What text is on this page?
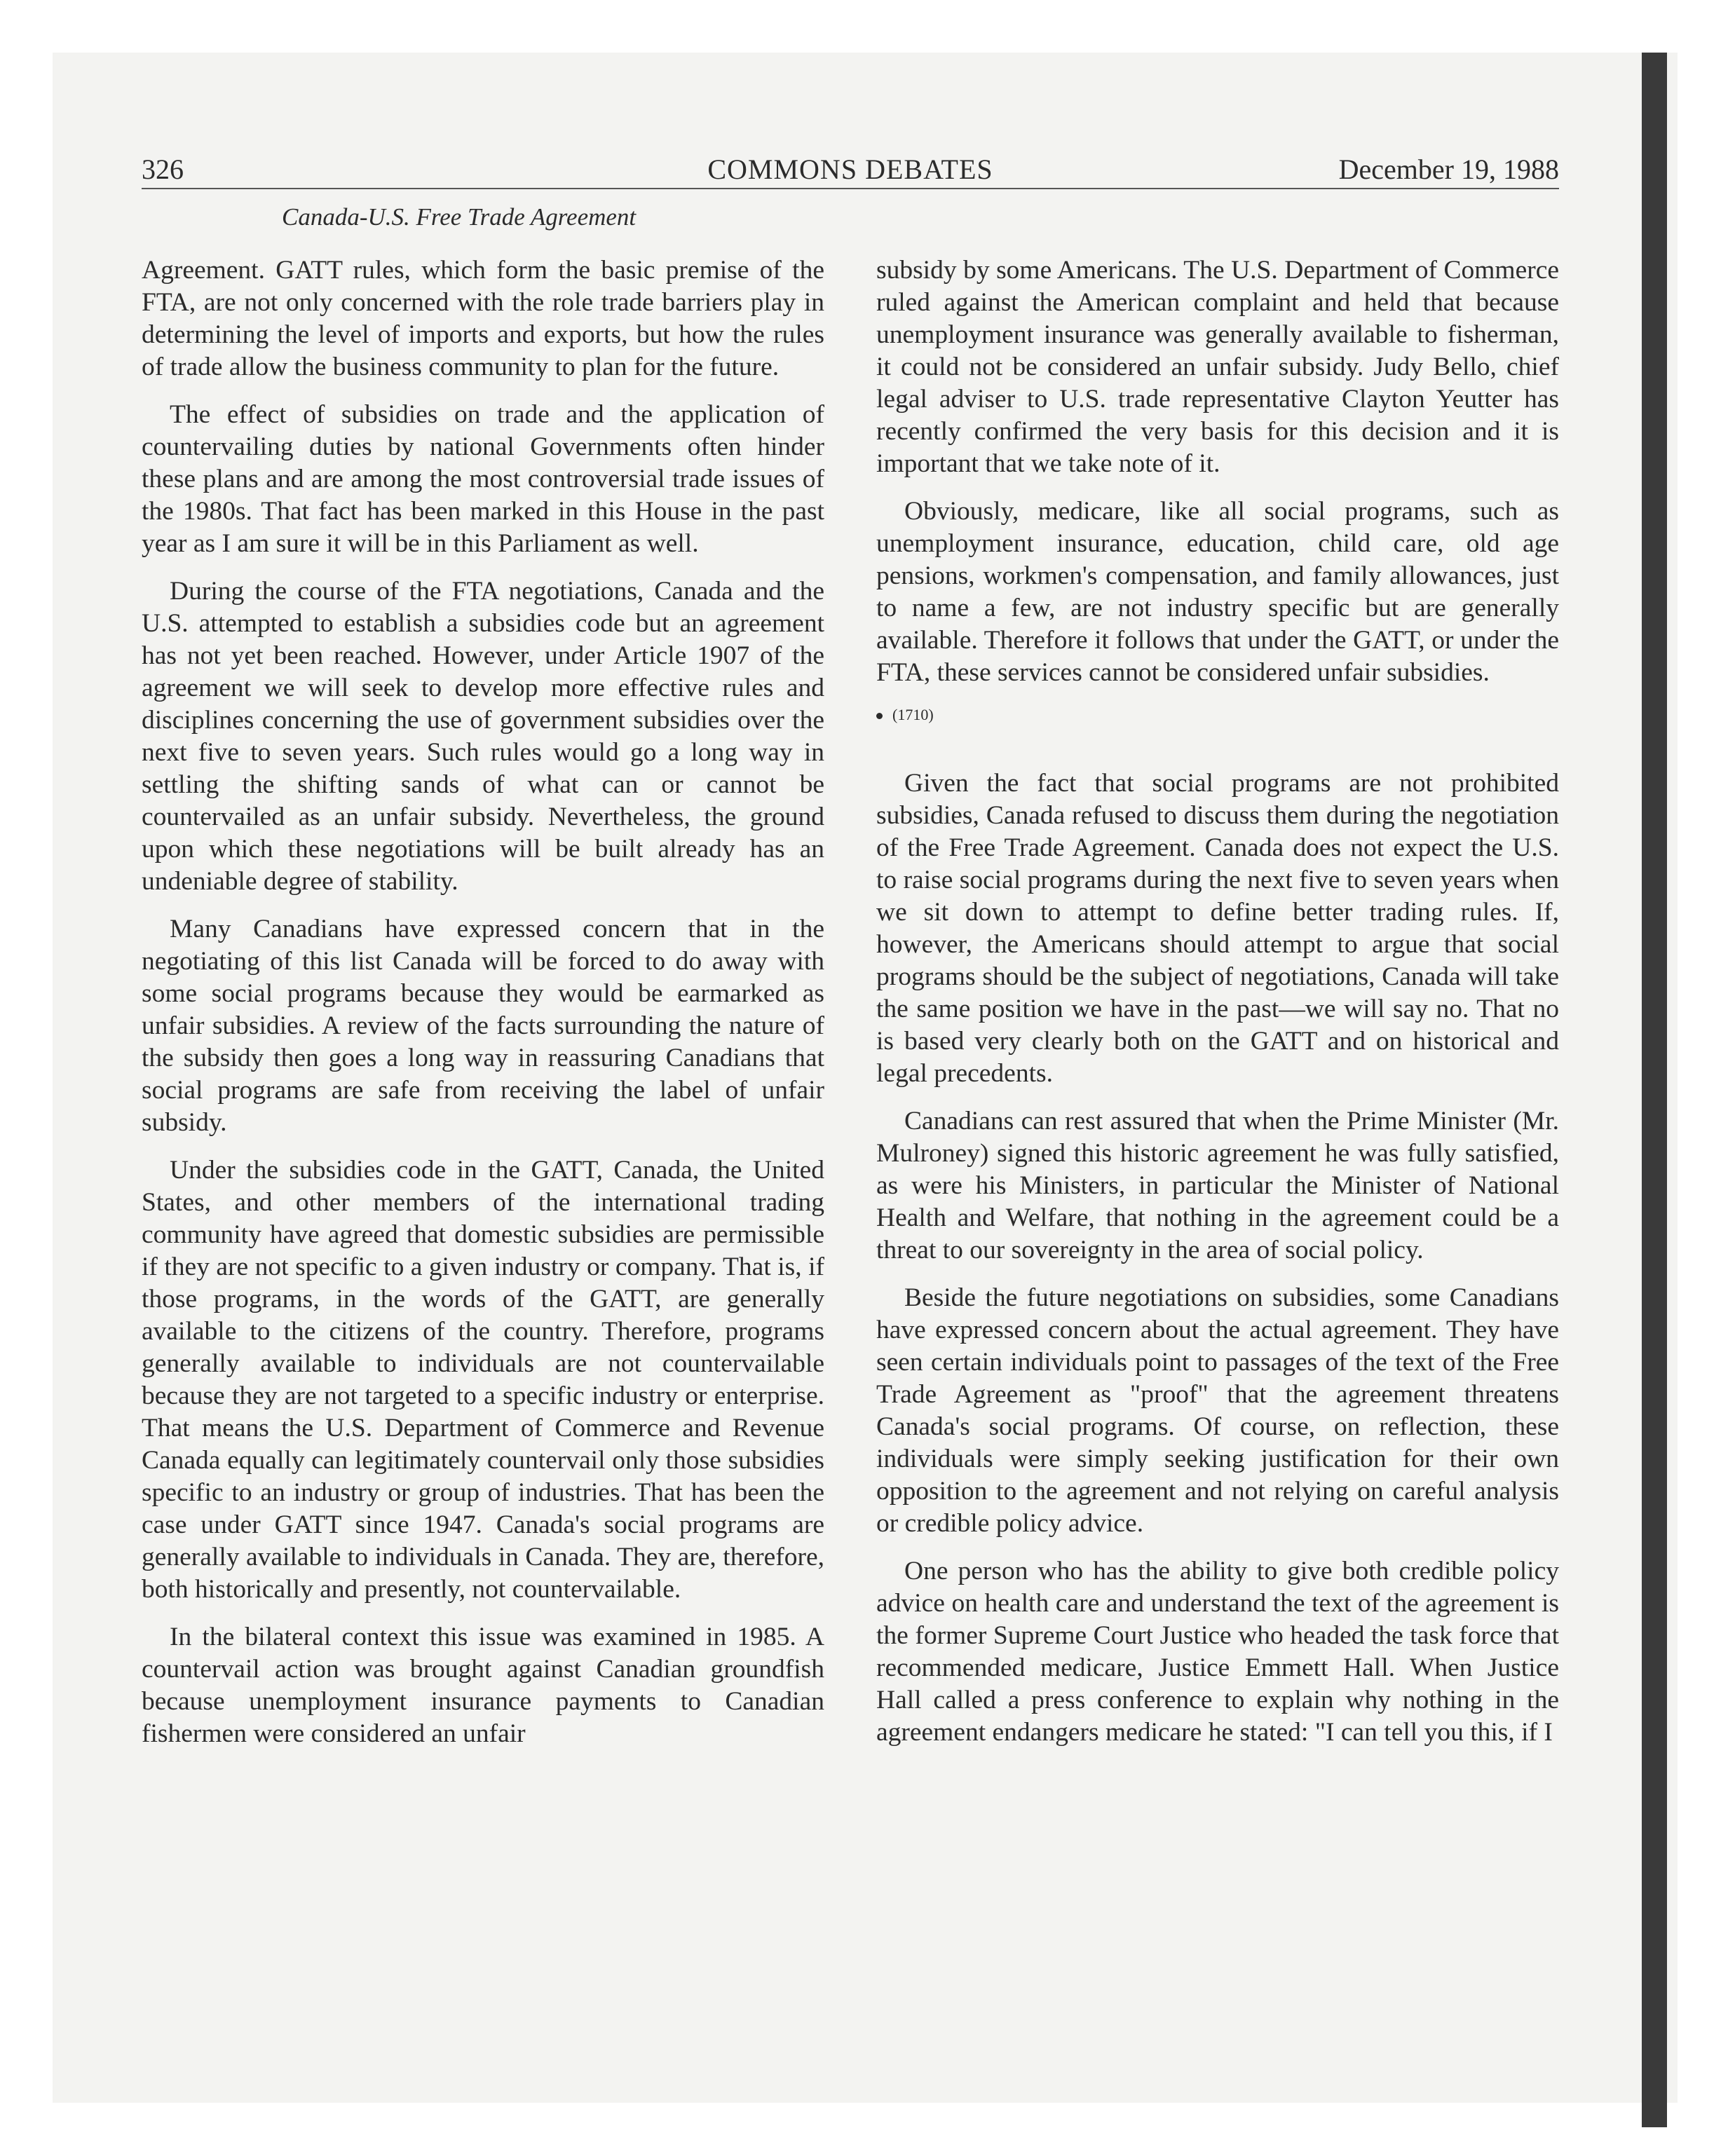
326	COMMONS DEBATES	December 19, 1988
Canada-U.S. Free Trade Agreement

Agreement. GATT rules, which form the basic premise of the FTA, are not only concerned with the role trade barriers play in determining the level of imports and exports, but how the rules of trade allow the business community to plan for the future.

The effect of subsidies on trade and the application of countervailing duties by national Governments often hinder these plans and are among the most controversial trade issues of the 1980s. That fact has been marked in this House in the past year as I am sure it will be in this Parliament as well.

During the course of the FTA negotiations, Canada and the U.S. attempted to establish a subsidies code but an agreement has not yet been reached. However, under Article 1907 of the agreement we will seek to develop more effective rules and disciplines concerning the use of government subsidies over the next five to seven years. Such rules would go a long way in settling the shifting sands of what can or cannot be countervailed as an unfair subsidy. Nevertheless, the ground upon which these negotiations will be built already has an undeniable degree of stability.

Many Canadians have expressed concern that in the negotiating of this list Canada will be forced to do away with some social programs because they would be earmarked as unfair subsidies. A review of the facts surrounding the nature of the subsidy then goes a long way in reassuring Canadians that social programs are safe from receiving the label of unfair subsidy.

Under the subsidies code in the GATT, Canada, the United States, and other members of the international trading community have agreed that domestic subsidies are permissible if they are not specific to a given industry or company. That is, if those programs, in the words of the GATT, are generally available to the citizens of the country. Therefore, programs generally available to individuals are not countervailable because they are not targeted to a specific industry or enterprise. That means the U.S. Department of Commerce and Revenue Canada equally can legitimately countervail only those subsidies specific to an industry or group of industries. That has been the case under GATT since 1947. Canada's social programs are generally available to individuals in Canada. They are, therefore, both historically and presently, not countervailable.

In the bilateral context this issue was examined in 1985. A countervail action was brought against Canadian groundfish because unemployment insurance payments to Canadian fishermen were considered an unfair

subsidy by some Americans. The U.S. Department of Commerce ruled against the American complaint and held that because unemployment insurance was generally available to fisherman, it could not be considered an unfair subsidy. Judy Bello, chief legal adviser to U.S. trade representative Clayton Yeutter has recently confirmed the very basis for this decision and it is important that we take note of it.

Obviously, medicare, like all social programs, such as unemployment insurance, education, child care, old age pensions, workmen's compensation, and family allowances, just to name a few, are not industry specific but are generally available. Therefore it follows that under the GATT, or under the FTA, these services cannot be considered unfair subsidies.

(1710)

Given the fact that social programs are not prohibited subsidies, Canada refused to discuss them during the negotiation of the Free Trade Agreement. Canada does not expect the U.S. to raise social programs during the next five to seven years when we sit down to attempt to define better trading rules. If, however, the Americans should attempt to argue that social programs should be the subject of negotiations, Canada will take the same position we have in the past—we will say no. That no is based very clearly both on the GATT and on historical and legal precedents.

Canadians can rest assured that when the Prime Minister (Mr. Mulroney) signed this historic agreement he was fully satisfied, as were his Ministers, in particular the Minister of National Health and Welfare, that nothing in the agreement could be a threat to our sovereignty in the area of social policy.

Beside the future negotiations on subsidies, some Canadians have expressed concern about the actual agreement. They have seen certain individuals point to passages of the text of the Free Trade Agreement as "proof" that the agreement threatens Canada's social programs. Of course, on reflection, these individuals were simply seeking justification for their own opposition to the agreement and not relying on careful analysis or credible policy advice.

One person who has the ability to give both credible policy advice on health care and understand the text of the agreement is the former Supreme Court Justice who headed the task force that recommended medicare, Justice Emmett Hall. When Justice Hall called a press conference to explain why nothing in the agreement endangers medicare he stated: "I can tell you this, if I
